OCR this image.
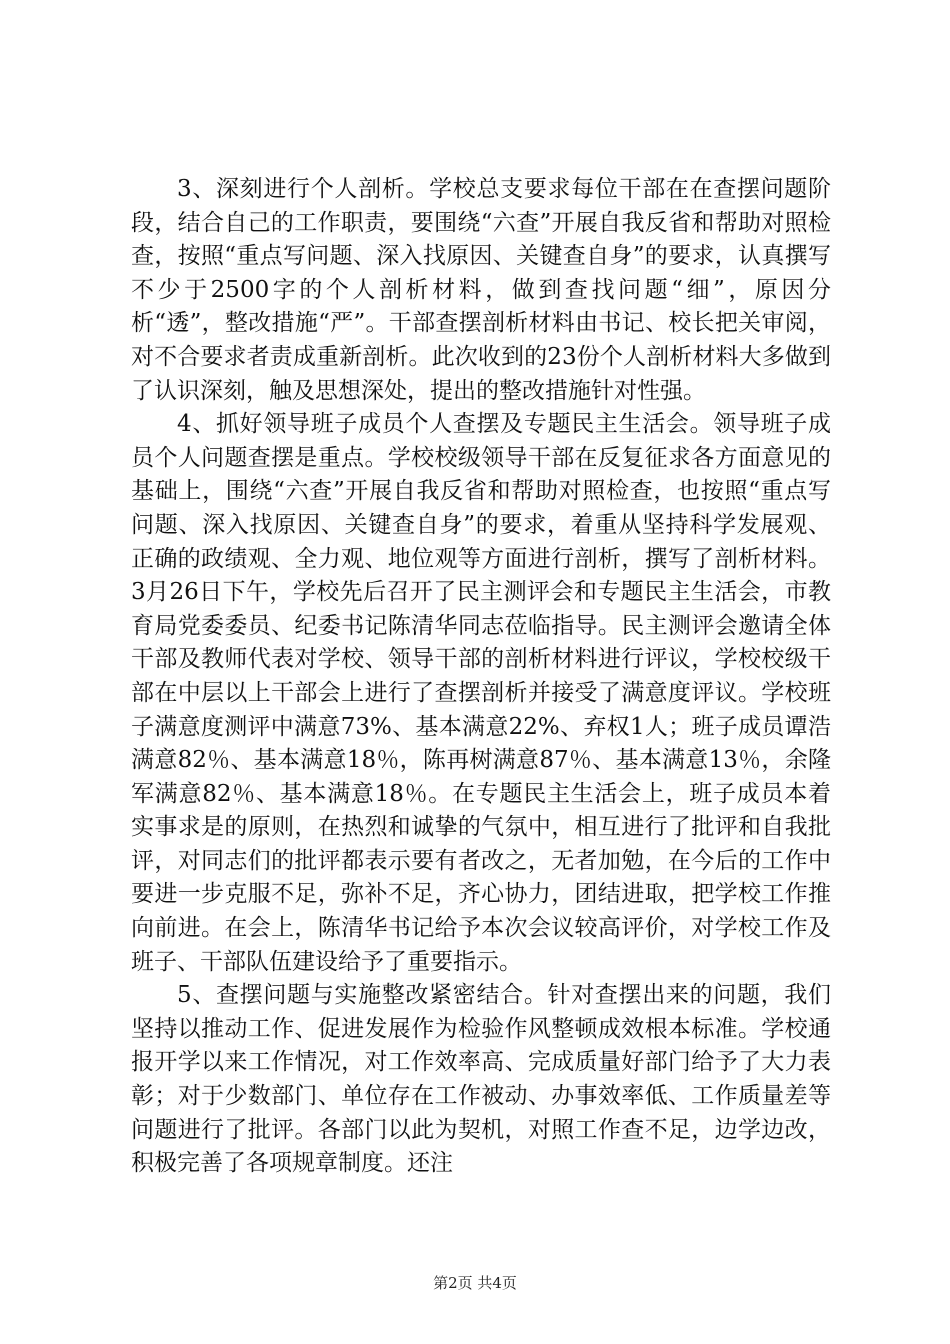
3、深刻进行个人剖析。学校总支要求每位干部在在查摆问题阶段，结合自己的工作职责，要围绕“六查”开展自我反省和帮助对照检查，按照“重点写问题、深入找原因、关键查自身”的要求，认真撰写不少于2500字的个人剖析材料，做到查找问题“细”，原因分析“透”，整改措施“严”。干部查摆剖析材料由书记、校长把关审阅，对不合要求者责成重新剖析。此次收到的23份个人剖析材料大多做到了认识深刻，触及思想深处，提出的整改措施针对性强。

4、抓好领导班子成员个人查摆及专题民主生活会。领导班子成员个人问题查摆是重点。学校校级领导干部在反复征求各方面意见的基础上，围绕“六查”开展自我反省和帮助对照检查，也按照“重点写问题、深入找原因、关键查自身”的要求，着重从坚持科学发展观、正确的政绩观、全力观、地位观等方面进行剖析，撰写了剖析材料。3月26日下午，学校先后召开了民主测评会和专题民主生活会，市教育局党委委员、纪委书记陈清华同志莅临指导。民主测评会邀请全体干部及教师代表对学校、领导干部的剖析材料进行评议，学校校级干部在中层以上干部会上进行了查摆剖析并接受了满意度评议。学校班子满意度测评中满意73%、基本满意22%、弃权1人；班子成员谭浩满意82％、基本满意18％，陈再树满意87％、基本满意13％，余隆军满意82％、基本满意18％。在专题民主生活会上，班子成员本着实事求是的原则，在热烈和诚挚的气氛中，相互进行了批评和自我批评，对同志们的批评都表示要有者改之，无者加勉，在今后的工作中要进一步克服不足，弥补不足，齐心协力，团结进取，把学校工作推向前进。在会上，陈清华书记给予本次会议较高评价，对学校工作及班子、干部队伍建设给予了重要指示。

5、查摆问题与实施整改紧密结合。针对查摆出来的问题，我们坚持以推动工作、促进发展作为检验作风整顿成效根本标准。学校通报开学以来工作情况，对工作效率高、完成质量好部门给予了大力表彰；对于少数部门、单位存在工作被动、办事效率低、工作质量差等问题进行了批评。各部门以此为契机，对照工作查不足，边学边改，积极完善了各项规章制度。还注

第2页 共4页
